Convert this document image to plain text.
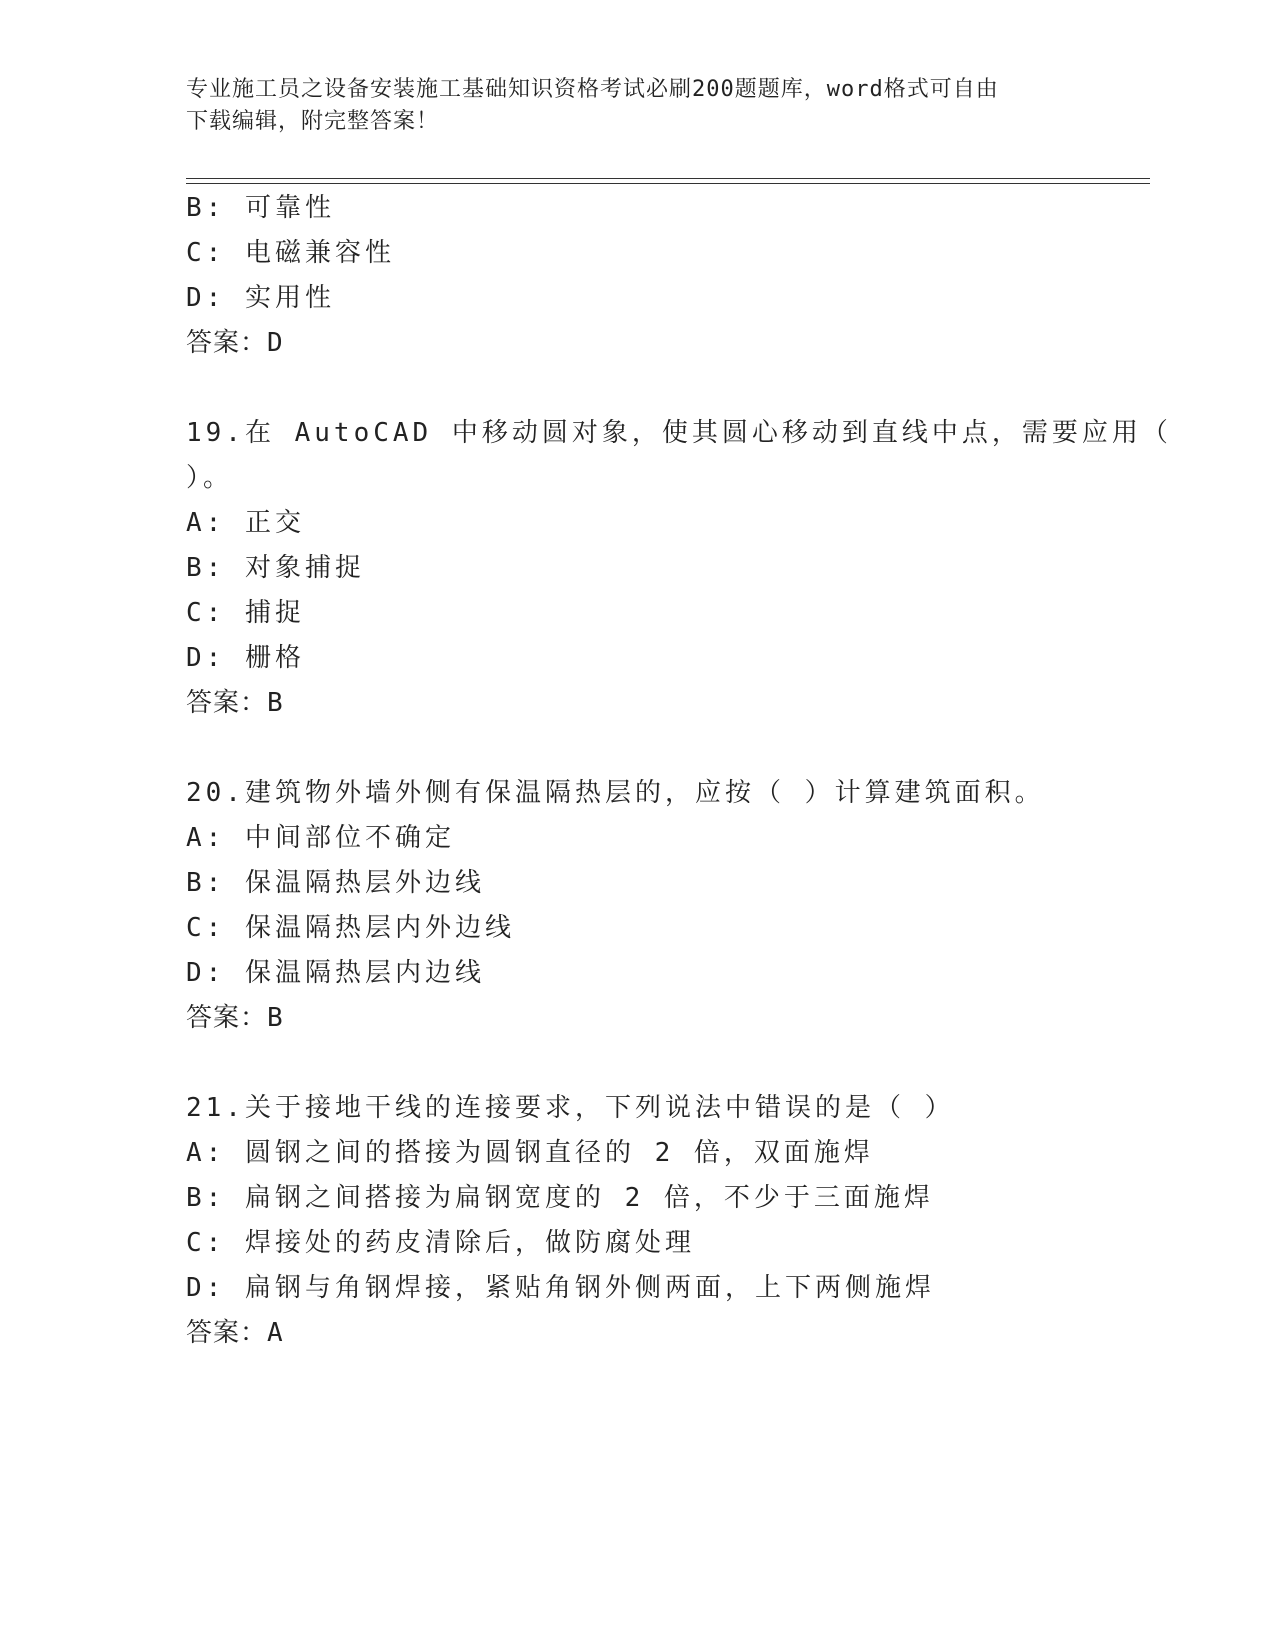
专业施工员之设备安装施工基础知识资格考试必刷200题题库，word格式可自由
下载编辑，附完整答案！
B: 可靠性
C: 电磁兼容性
D: 实用性
答案：D
19.在 AutoCAD 中移动圆对象，使其圆心移动到直线中点，需要应用（
）。
A: 正交
B: 对象捕捉
C: 捕捉
D: 栅格
答案：B
20.建筑物外墙外侧有保温隔热层的，应按（ ）计算建筑面积。
A: 中间部位不确定
B: 保温隔热层外边线
C: 保温隔热层内外边线
D: 保温隔热层内边线
答案：B
21.关于接地干线的连接要求，下列说法中错误的是（ ）
A: 圆钢之间的搭接为圆钢直径的 2 倍，双面施焊
B: 扁钢之间搭接为扁钢宽度的 2 倍，不少于三面施焊
C: 焊接处的药皮清除后，做防腐处理
D: 扁钢与角钢焊接，紧贴角钢外侧两面，上下两侧施焊
答案：A
